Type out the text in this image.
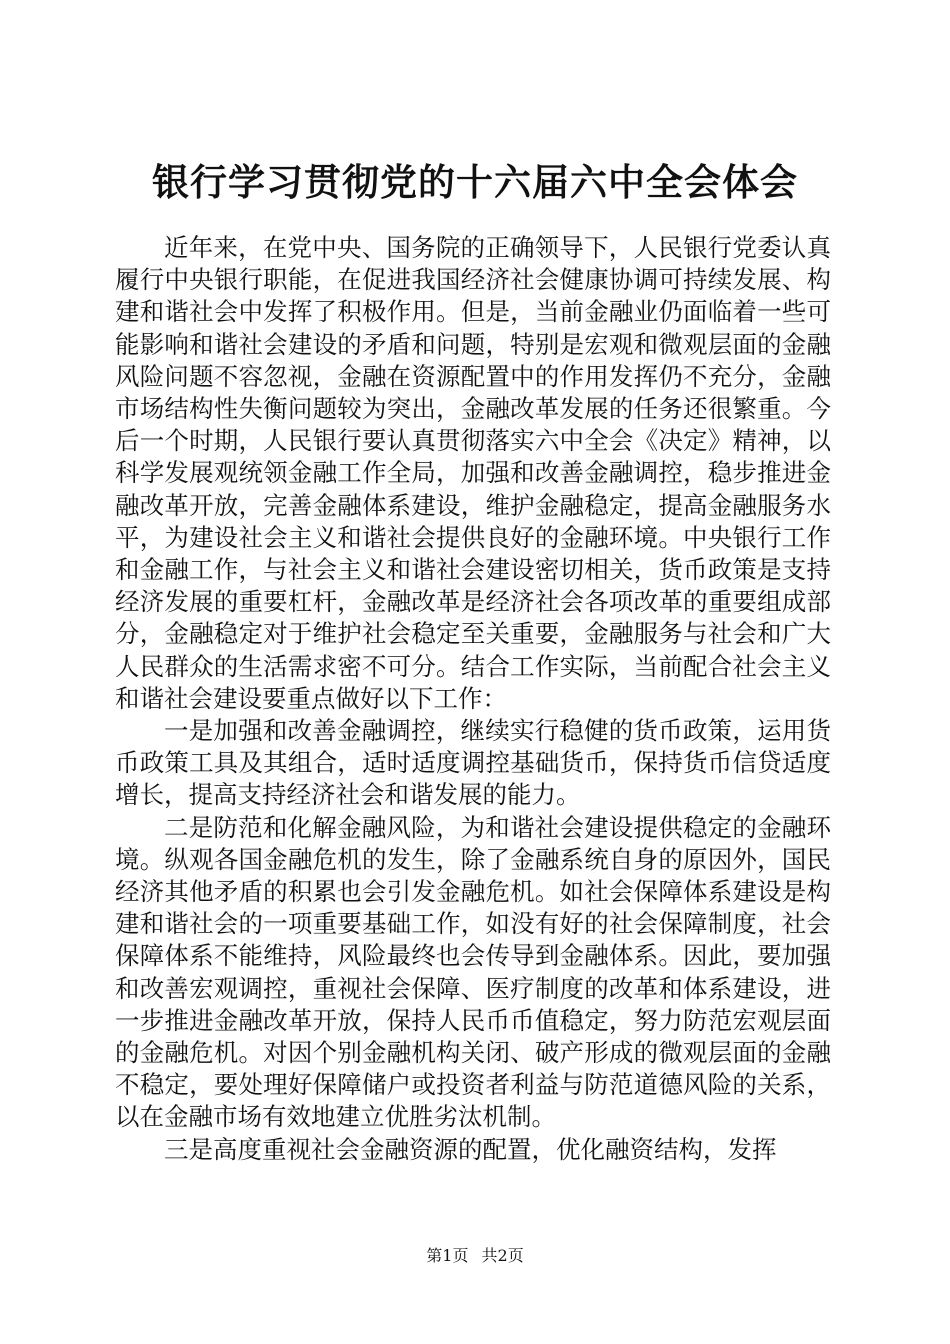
银行学习贯彻党的十六届六中全会体会

近年来，在党中央、国务院的正确领导下，人民银行党委认真履行中央银行职能，在促进我国经济社会健康协调可持续发展、构建和谐社会中发挥了积极作用。但是，当前金融业仍面临着一些可能影响和谐社会建设的矛盾和问题，特别是宏观和微观层面的金融风险问题不容忽视，金融在资源配置中的作用发挥仍不充分，金融市场结构性失衡问题较为突出，金融改革发展的任务还很繁重。今后一个时期，人民银行要认真贯彻落实六中全会《决定》精神，以科学发展观统领金融工作全局，加强和改善金融调控，稳步推进金融改革开放，完善金融体系建设，维护金融稳定，提高金融服务水平，为建设社会主义和谐社会提供良好的金融环境。中央银行工作和金融工作，与社会主义和谐社会建设密切相关，货币政策是支持经济发展的重要杠杆，金融改革是经济社会各项改革的重要组成部分，金融稳定对于维护社会稳定至关重要，金融服务与社会和广大人民群众的生活需求密不可分。结合工作实际，当前配合社会主义和谐社会建设要重点做好以下工作：

一是加强和改善金融调控，继续实行稳健的货币政策，运用货币政策工具及其组合，适时适度调控基础货币，保持货币信贷适度增长，提高支持经济社会和谐发展的能力。

二是防范和化解金融风险，为和谐社会建设提供稳定的金融环境。纵观各国金融危机的发生，除了金融系统自身的原因外，国民经济其他矛盾的积累也会引发金融危机。如社会保障体系建设是构建和谐社会的一项重要基础工作，如没有好的社会保障制度，社会保障体系不能维持，风险最终也会传导到金融体系。因此，要加强和改善宏观调控，重视社会保障、医疗制度的改革和体系建设，进一步推进金融改革开放，保持人民币币值稳定，努力防范宏观层面的金融危机。对因个别金融机构关闭、破产形成的微观层面的金融不稳定，要处理好保障储户或投资者利益与防范道德风险的关系，以在金融市场有效地建立优胜劣汰机制。

三是高度重视社会金融资源的配置，优化融资结构，发挥

第1页 共2页
